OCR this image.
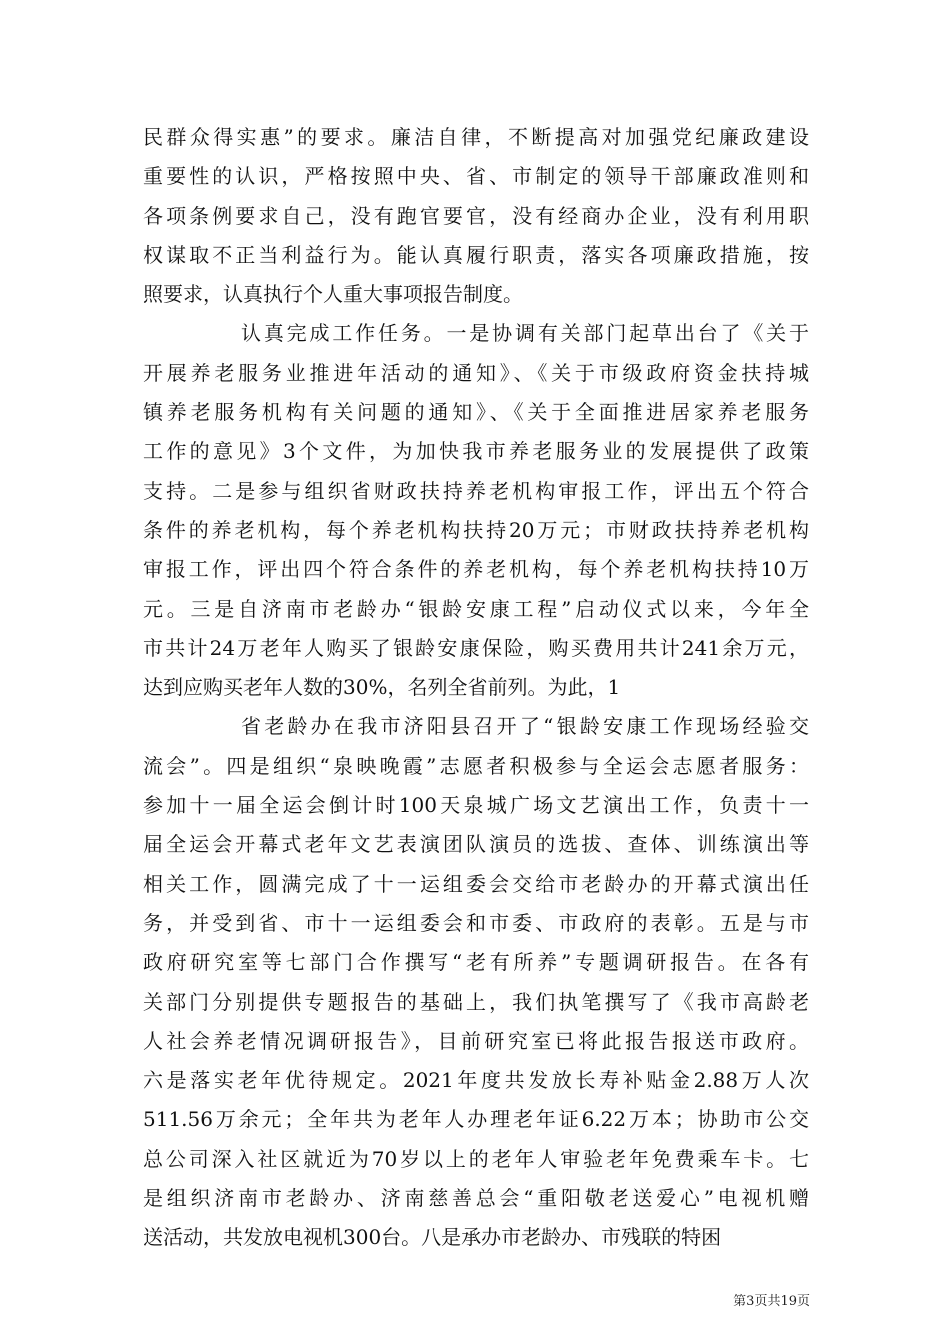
民群众得实惠”的要求。廉洁自律，不断提高对加强党纪廉政建设
重要性的认识，严格按照中央、省、市制定的领导干部廉政准则和
各项条例要求自己，没有跑官要官，没有经商办企业，没有利用职
权谋取不正当利益行为。能认真履行职责，落实各项廉政措施，按
照要求，认真执行个人重大事项报告制度。
认真完成工作任务。一是协调有关部门起草出台了《关于
开展养老服务业推进年活动的通知》、《关于市级政府资金扶持城
镇养老服务机构有关问题的通知》、《关于全面推进居家养老服务
工作的意见》3个文件，为加快我市养老服务业的发展提供了政策
支持。二是参与组织省财政扶持养老机构审报工作，评出五个符合
条件的养老机构，每个养老机构扶持20万元；市财政扶持养老机构
审报工作，评出四个符合条件的养老机构，每个养老机构扶持10万
元。三是自济南市老龄办“银龄安康工程”启动仪式以来，今年全
市共计24万老年人购买了银龄安康保险，购买费用共计241余万元，
达到应购买老年人数的30%，名列全省前列。为此，1
省老龄办在我市济阳县召开了“银龄安康工作现场经验交
流会”。四是组织“泉映晚霞”志愿者积极参与全运会志愿者服务：
参加十一届全运会倒计时100天泉城广场文艺演出工作，负责十一
届全运会开幕式老年文艺表演团队演员的选拔、查体、训练演出等
相关工作，圆满完成了十一运组委会交给市老龄办的开幕式演出任
务，并受到省、市十一运组委会和市委、市政府的表彰。五是与市
政府研究室等七部门合作撰写“老有所养”专题调研报告。在各有
关部门分别提供专题报告的基础上，我们执笔撰写了《我市高龄老
人社会养老情况调研报告》，目前研究室已将此报告报送市政府。
六是落实老年优待规定。2021年度共发放长寿补贴金2.88万人次
511.56万余元；全年共为老年人办理老年证6.22万本；协助市公交
总公司深入社区就近为70岁以上的老年人审验老年免费乘车卡。七
是组织济南市老龄办、济南慈善总会“重阳敬老送爱心”电视机赠
送活动，共发放电视机300台。八是承办市老龄办、市残联的特困
第3页共19页
